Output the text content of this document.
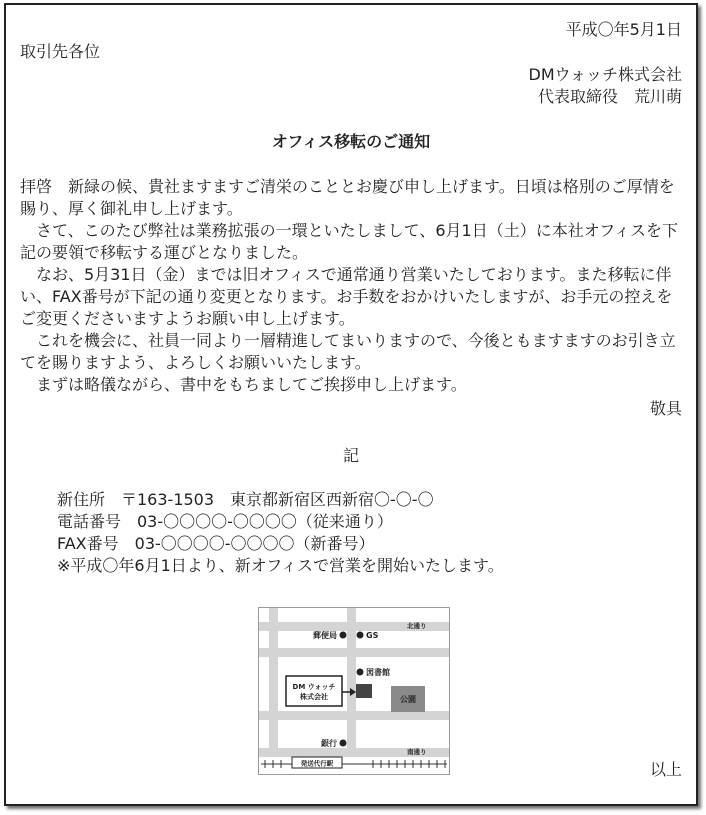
平成〇年5月1日
取引先各位
DMウォッチ株式会社
代表取締役　荒川萌
オフィス移転のご通知
拝啓　新緑の候、貴社ますますご清栄のこととお慶び申し上げます。日頃は格別のご厚情を賜り、厚く御礼申し上げます。
　さて、このたび弊社は業務拡張の一環といたしまして、6月1日（土）に本社オフィスを下記の要領で移転する運びとなりました。
　なお、5月31日（金）までは旧オフィスで通常通り営業いたしております。また移転に伴い、FAX番号が下記の通り変更となります。お手数をおかけいたしますが、お手元の控えをご変更くださいますようお願い申し上げます。
　これを機会に、社員一同より一層精進してまいりますので、今後ともますますのお引き立てを賜りますよう、よろしくお願いいたします。
　まずは略儀ながら、書中をもちましてご挨拶申し上げます。
敬具
記
新住所　〒163-1503　東京都新宿区西新宿〇-〇-〇
電話番号　03-〇〇〇〇-〇〇〇〇（従来通り）
FAX番号　03-〇〇〇〇-〇〇〇〇（新番号）
※平成〇年6月1日より、新オフィスで営業を開始いたします。
郵便局	GS
北通り
図書館
DM ウォッチ
株式会社	公園
銀行
南通り
発送代行駅	以上
